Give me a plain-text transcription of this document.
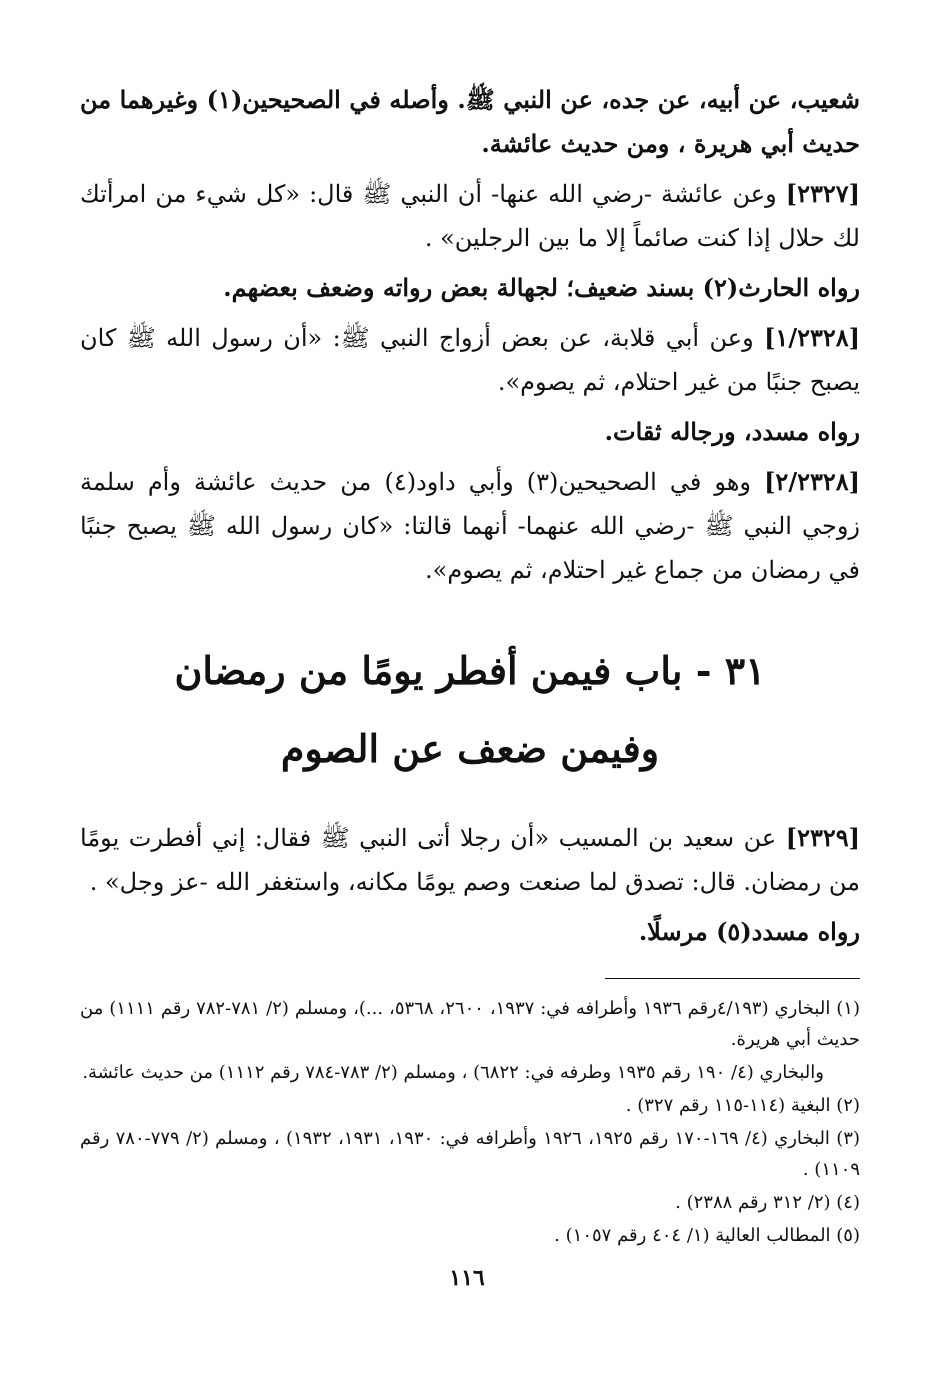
شعيب، عن أبيه، عن جده، عن النبي ﷺ. وأصله في الصحيحين(١) وغيرهما من حديث أبي هريرة ، ومن حديث عائشة.

[٢٣٢٧] وعن عائشة -رضي الله عنها- أن النبي ﷺ قال: «كل شيء من امرأتك لك حلال إذا كنت صائماً إلا ما بين الرجلين» .

رواه الحارث(٢) بسند ضعيف؛ لجهالة بعض رواته وضعف بعضهم.

[١/٢٣٢٨] وعن أبي قلابة، عن بعض أزواج النبي ﷺ: «أن رسول الله ﷺ كان يصبح جنبًا من غير احتلام، ثم يصوم».

رواه مسدد، ورجاله ثقات.

[٢/٢٣٢٨] وهو في الصحيحين(٣) وأبي داود(٤) من حديث عائشة وأم سلمة زوجي النبي ﷺ -رضي الله عنهما- أنهما قالتا: «كان رسول الله ﷺ يصبح جنبًا في رمضان من جماع غير احتلام، ثم يصوم».

٣١ - باب فيمن أفطر يومًا من رمضان

وفيمن ضعف عن الصوم

[٢٣٢٩] عن سعيد بن المسيب «أن رجلا أتى النبي ﷺ فقال: إني أفطرت يومًا من رمضان. قال: تصدق لما صنعت وصم يومًا مكانه، واستغفر الله -عز وجل» .

رواه مسدد(٥) مرسلًا.

(١) البخاري (٤/١٩٣رقم ١٩٣٦ وأطرافه في: ١٩٣٧، ٢٦٠٠، ٥٣٦٨، ...)، ومسلم (٢/ ٧٨١-٧٨٢ رقم ١١١١) من حديث أبي هريرة.

والبخاري (٤/ ١٩٠ رقم ١٩٣٥ وطرفه في: ٦٨٢٢) ، ومسلم (٢/ ٧٨٣-٧٨٤ رقم ١١١٢) من حديث عائشة.

(٢) البغية (١١٤-١١٥ رقم ٣٢٧) .

(٣) البخاري (٤/ ١٦٩-١٧٠ رقم ١٩٢٥، ١٩٢٦ وأطرافه في: ١٩٣٠، ١٩٣١، ١٩٣٢) ، ومسلم (٢/ ٧٧٩-٧٨٠ رقم ١١٠٩) .

(٤) (٢/ ٣١٢ رقم ٢٣٨٨) .

(٥) المطالب العالية (١/ ٤٠٤ رقم ١٠٥٧) .

١١٦
